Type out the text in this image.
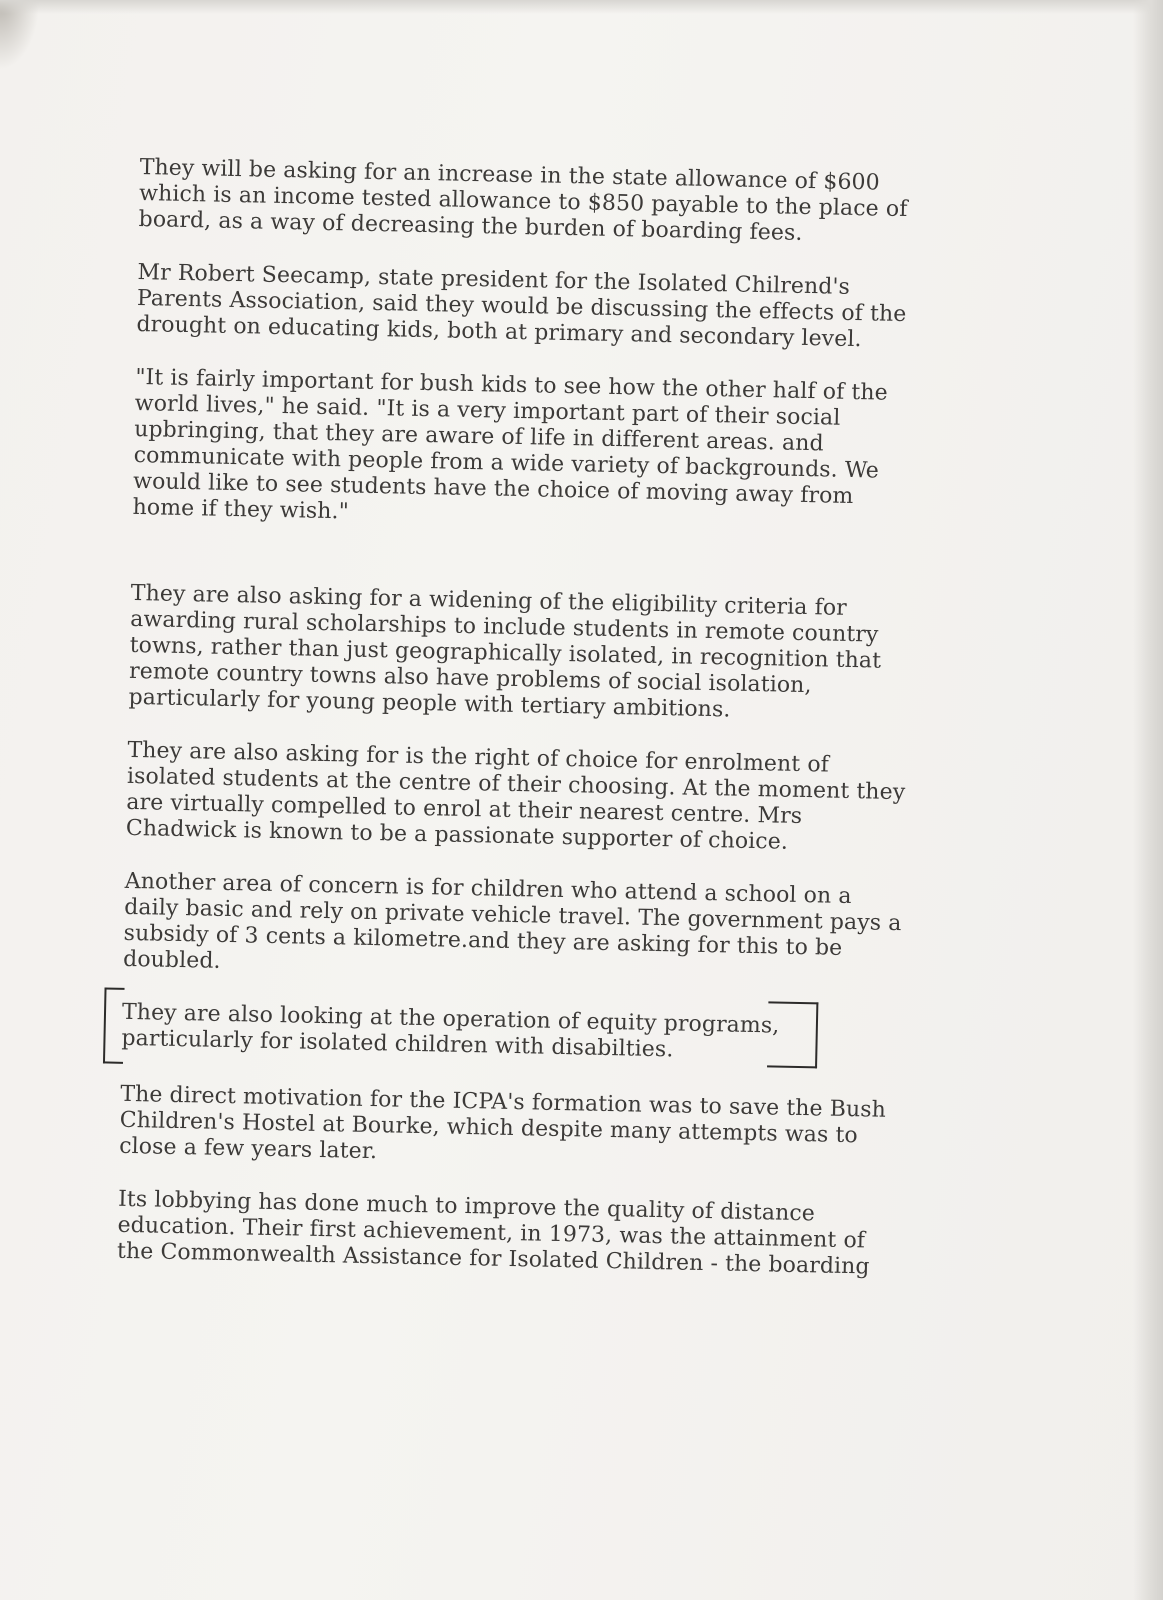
They will be asking for an increase in the state allowance of $600
which is an income tested allowance to $850 payable to the place of
board, as a way of decreasing the burden of boarding fees.

Mr Robert Seecamp, state president for the Isolated Chilrend's
Parents Association, said they would be discussing the effects of the
drought on educating kids, both at primary and secondary level.

"It is fairly important for bush kids to see how the other half of the
world lives," he said. "It is a very important part of their social
upbringing, that they are aware of life in different areas. and
communicate with people from a wide variety of backgrounds. We
would like to see students have the choice of moving away from
home if they wish."

They are also asking for a widening of the eligibility criteria for
awarding rural scholarships to include students in remote country
towns, rather than just geographically isolated, in recognition that
remote country towns also have problems of social isolation,
particularly for young people with tertiary ambitions.

They are also asking for is the right of choice for enrolment of
isolated students at the centre of their choosing. At the moment they
are virtually compelled to enrol at their nearest centre. Mrs
Chadwick is known to be a passionate supporter of choice.

Another area of concern is for children who attend a school on a
daily basic and rely on private vehicle travel. The government pays a
subsidy of 3 cents a kilometre.and they are asking for this to be
doubled.

They are also looking at the operation of equity programs,
particularly for isolated children with disabilties.

The direct motivation for the ICPA's formation was to save the Bush
Children's Hostel at Bourke, which despite many attempts was to
close a few years later.

Its lobbying has done much to improve the quality of distance
education. Their first achievement, in 1973, was the attainment of
the Commonwealth Assistance for Isolated Children - the boarding
